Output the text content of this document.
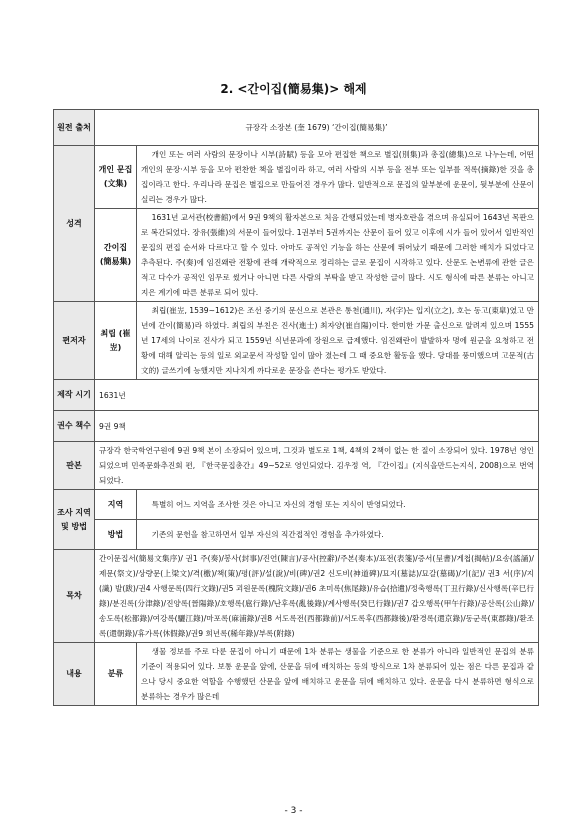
2. <간이집(簡易集)> 해제
원전 출처	규장각 소장본 (奎 1679) ‘간이집(簡易集)’	
성격	개인 문집 (文集)	개인 또는 여러 사람의 문장이나 시부(詩賦) 등을 모아 편집한 책으로 별집(別集)과 총집(總集)으로 나누는데, 어떤 개인의 문장·시부 등을 모아 편찬한 책을 별집이라 하고, 여러 사람의 시부 등을 전부 또는 일부를 적록(摘錄)한 것을 총집이라고 한다. 우리나라 문집은 별집으로 만들어진 경우가 많다. 일반적으로 문집의 앞부분에 운문이, 뒷부분에 산문이 실리는 경우가 많다.
	간이집 (簡易集)	1631년 교서관(校書館)에서 9권 9책의 활자본으로 처음 간행되었는데 병자호란을 겪으며 유실되어 1643년 목판으로 복간되었다. 장유(張維)의 서문이 들어있다. 1권부터 5권까지는 산문이 들어 있고 이후에 시가 들어 있어서 일반적인 문집의 편집 순서와 다르다고 할 수 있다. 아마도 공적인 기능을 하는 산문에 뛰어났기 때문에 그러한 배치가 되었다고 추측된다. 주(奏)에 임진왜란 전황에 관해 개략적으로 정리하는 글로 문집이 시작하고 있다. 산문도 논변류에 관한 글은 적고 다수가 공적인 임무로 썼거나 아니면 다른 사람의 부탁을 받고 작성한 글이 많다. 시도 형식에 따른 분류는 아니고 지은 계기에 따른 분류로 되어 있다.
편저자	최립 (崔岦)	최립(崔岦, 1539~1612)은 조선 중기의 문신으로 본관은 통천(通川), 자(字)는 입지(立之), 호는 동고(東皐)였고 만년에 간이(簡易)라 하였다. 최립의 부친은 진사(進士) 최자양(崔自陽)이다. 한미한 가문 출신으로 알려져 있으며 1555년 17세의 나이로 진사가 되고 1559년 식년문과에 장원으로 급제했다. 임진왜란이 발발하자 명에 원군을 요청하고 전황에 대해 알리는 등의 일로 외교문서 작성할 일이 많아 졌는데 그 때 중요한 활동을 했다. 당대를 풍미했으며 고문적(古文的) 글쓰기에 능했지만 지나치게 까다로운 문장을 쓴다는 평가도 받았다.
제작 시기	1631년	
권수 책수	9권 9책	
판본	규장각 한국학연구원에 9권 9책 본이 소장되어 있으며, 그것과 별도로 1책, 4책의 2책이 없는 한 질이 소장되어 있다. 1978년 영인되었으며 민족문화추진회 편, 『한국문집총간』49~52로 영인되었다. 김우정 역, 『간이집』(지식을만드는지식, 2008)으로 번역되었다.	
조사 지역 및 방법	지역	특별히 어느 지역을 조사한 것은 아니고 자신의 경험 또는 지식이 반영되었다.
	방법	기존의 문헌을 참고하면서 일부 자신의 직간접적인 경험을 추가하였다.
목차	간이문집서(簡易文集序)/ 권1 주(奏)/봉사(封事)/진언(陳言)/공사(控辭)/주본(奏本)/표전(表箋)/증서(呈書)/게첩(揭帖)/요송(謠誦)/제문(祭文)/상량문(上梁文)/격(檄)/책(策)/평(評)/설(說)/비(碑)/권2 신도비(神道碑)/묘지(墓誌)/묘갈(墓碣)/기(記)/ 권3 서(序)/지(識) 발(跋)/권4 사행문록(四行文錄)/권5 괴원문록(槐院文錄)/권6 초미록(焦尾錄)/유습(拾遺)/정축행록(丁丑行錄)/신사행록(辛巳行錄)/분진록(分津錄)/진양록(晉陽錄)/호행록(扈行錄)/난후록(亂後錄)/계사행록(癸巳行錄)/권7 갑오행록(甲午行錄)/공산록(公山錄)/송도록(松都錄)/여강록(驪江錄)/마포록(麻浦錄)/권8 서도록전(西都錄前)/서도록후(西都錄後)/환경록(還京錄)/동군록(東郡錄)/환조록(還朝錄)/휴가록(休假錄)/권9 희년록(稀年錄)/부록(附錄)	
내용	분류	생물 정보를 주로 다룬 문집이 아니기 때문에 1차 분류는 생물을 기준으로 한 분류가 아니라 일반적인 문집의 분류 기준이 적용되어 있다. 보통 운문을 앞에, 산문을 뒤에 배치하는 등의 방식으로 1차 분류되어 있는 점은 다른 문집과 같으나 당시 중요한 역할을 수행했던 산문을 앞에 배치하고 운문을 뒤에 배치하고 있다. 운문을 다시 분류하면 형식으로 분류하는 경우가 많은데
- 3 -
